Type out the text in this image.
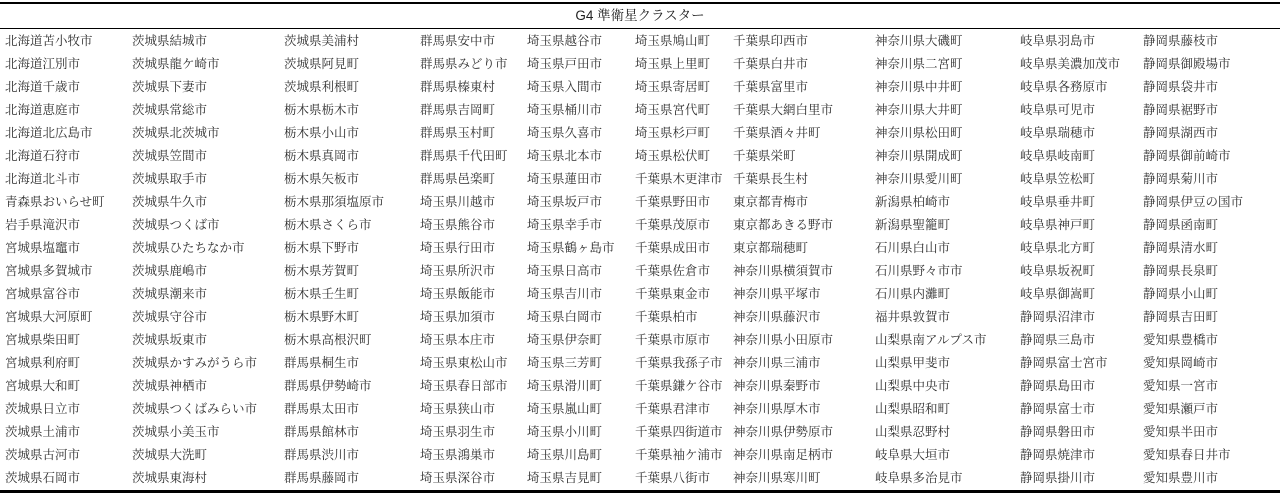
G4 準衛星クラスター
北海道苫小牧市	茨城県結城市	茨城県美浦村	群馬県安中市	埼玉県越谷市	埼玉県鳩山町	千葉県印西市	神奈川県大磯町	岐阜県羽島市	静岡県藤枝市
北海道江別市	茨城県龍ケ崎市	茨城県阿見町	群馬県みどり市	埼玉県戸田市	埼玉県上里町	千葉県白井市	神奈川県二宮町	岐阜県美濃加茂市	静岡県御殿場市
北海道千歳市	茨城県下妻市	茨城県利根町	群馬県榛東村	埼玉県入間市	埼玉県寄居町	千葉県富里市	神奈川県中井町	岐阜県各務原市	静岡県袋井市
北海道恵庭市	茨城県常総市	栃木県栃木市	群馬県吉岡町	埼玉県桶川市	埼玉県宮代町	千葉県大網白里市	神奈川県大井町	岐阜県可児市	静岡県裾野市
北海道北広島市	茨城県北茨城市	栃木県小山市	群馬県玉村町	埼玉県久喜市	埼玉県杉戸町	千葉県酒々井町	神奈川県松田町	岐阜県瑞穂市	静岡県湖西市
北海道石狩市	茨城県笠間市	栃木県真岡市	群馬県千代田町	埼玉県北本市	埼玉県松伏町	千葉県栄町	神奈川県開成町	岐阜県岐南町	静岡県御前崎市
北海道北斗市	茨城県取手市	栃木県矢板市	群馬県邑楽町	埼玉県蓮田市	千葉県木更津市	千葉県長生村	神奈川県愛川町	岐阜県笠松町	静岡県菊川市
青森県おいらせ町	茨城県牛久市	栃木県那須塩原市	埼玉県川越市	埼玉県坂戸市	千葉県野田市	東京都青梅市	新潟県柏崎市	岐阜県垂井町	静岡県伊豆の国市
岩手県滝沢市	茨城県つくば市	栃木県さくら市	埼玉県熊谷市	埼玉県幸手市	千葉県茂原市	東京都あきる野市	新潟県聖籠町	岐阜県神戸町	静岡県函南町
宮城県塩竈市	茨城県ひたちなか市	栃木県下野市	埼玉県行田市	埼玉県鶴ヶ島市	千葉県成田市	東京都瑞穂町	石川県白山市	岐阜県北方町	静岡県清水町
宮城県多賀城市	茨城県鹿嶋市	栃木県芳賀町	埼玉県所沢市	埼玉県日高市	千葉県佐倉市	神奈川県横須賀市	石川県野々市市	岐阜県坂祝町	静岡県長泉町
宮城県富谷市	茨城県潮来市	栃木県壬生町	埼玉県飯能市	埼玉県吉川市	千葉県東金市	神奈川県平塚市	石川県内灘町	岐阜県御嵩町	静岡県小山町
宮城県大河原町	茨城県守谷市	栃木県野木町	埼玉県加須市	埼玉県白岡市	千葉県柏市	神奈川県藤沢市	福井県敦賀市	静岡県沼津市	静岡県吉田町
宮城県柴田町	茨城県坂東市	栃木県高根沢町	埼玉県本庄市	埼玉県伊奈町	千葉県市原市	神奈川県小田原市	山梨県南アルプス市	静岡県三島市	愛知県豊橋市
宮城県利府町	茨城県かすみがうら市	群馬県桐生市	埼玉県東松山市	埼玉県三芳町	千葉県我孫子市	神奈川県三浦市	山梨県甲斐市	静岡県富士宮市	愛知県岡崎市
宮城県大和町	茨城県神栖市	群馬県伊勢崎市	埼玉県春日部市	埼玉県滑川町	千葉県鎌ケ谷市	神奈川県秦野市	山梨県中央市	静岡県島田市	愛知県一宮市
茨城県日立市	茨城県つくばみらい市	群馬県太田市	埼玉県狭山市	埼玉県嵐山町	千葉県君津市	神奈川県厚木市	山梨県昭和町	静岡県富士市	愛知県瀬戸市
茨城県土浦市	茨城県小美玉市	群馬県館林市	埼玉県羽生市	埼玉県小川町	千葉県四街道市	神奈川県伊勢原市	山梨県忍野村	静岡県磐田市	愛知県半田市
茨城県古河市	茨城県大洗町	群馬県渋川市	埼玉県鴻巣市	埼玉県川島町	千葉県袖ケ浦市	神奈川県南足柄市	岐阜県大垣市	静岡県焼津市	愛知県春日井市
茨城県石岡市	茨城県東海村	群馬県藤岡市	埼玉県深谷市	埼玉県吉見町	千葉県八街市	神奈川県寒川町	岐阜県多治見市	静岡県掛川市	愛知県豊川市
